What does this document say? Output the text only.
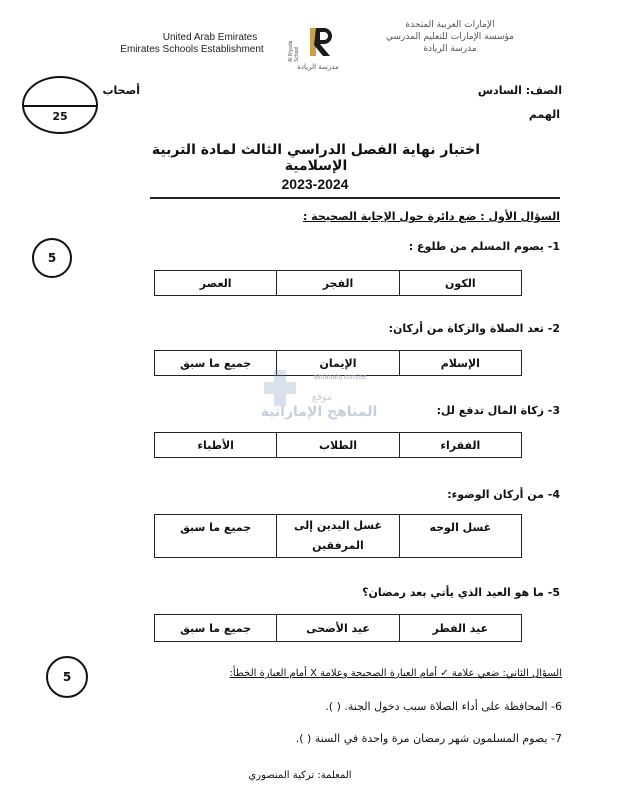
United Arab Emirates
Emirates Schools Establishment
مدرسة الريادة
Al Riyada School
الإمارات العربية المتحدة
مؤسسة الإمارات للتعليم المدرسي
مدرسة الريادة
25
أصحاب	الصف: السادس
الهمم
اختبار نهاية الفصل الدراسي الثالث لمادة التربية الإسلامية
2023-2024
السؤال الأول : ضع دائرة حول الإجابة الصحيحة :
5
1- يصوم المسلم من طلوع :
العصر	الفجر	الكون
2- تعد الصلاة والزكاة من أركان:
جميع ما سبق	الإيمان	الإسلام
almanahj.com/ae
موقع
المناهج الإماراتية	3- زكاة المال تدفع لل:
الأطباء	الطلاب	الفقراء
4- من أركان الوضوء:
جميع ما سبق	غسل اليدين إلى المرفقين	غسل الوجه
5- ما هو العيد الذي يأتي بعد رمضان؟
جميع ما سبق	عيد الأضحى	عيد الفطر
5	السؤال الثاني: ضعي علامة ✓ أمام العبارة الصحيحة وعلامة X أمام العبارة الخطأ:
6- المحافظة على أداء الصلاة سبب دخول الجنة. ( ).
7- يصوم المسلمون شهر رمضان مرة واحدة في السنة ( ).
المعلمة: تركية المنصوري
